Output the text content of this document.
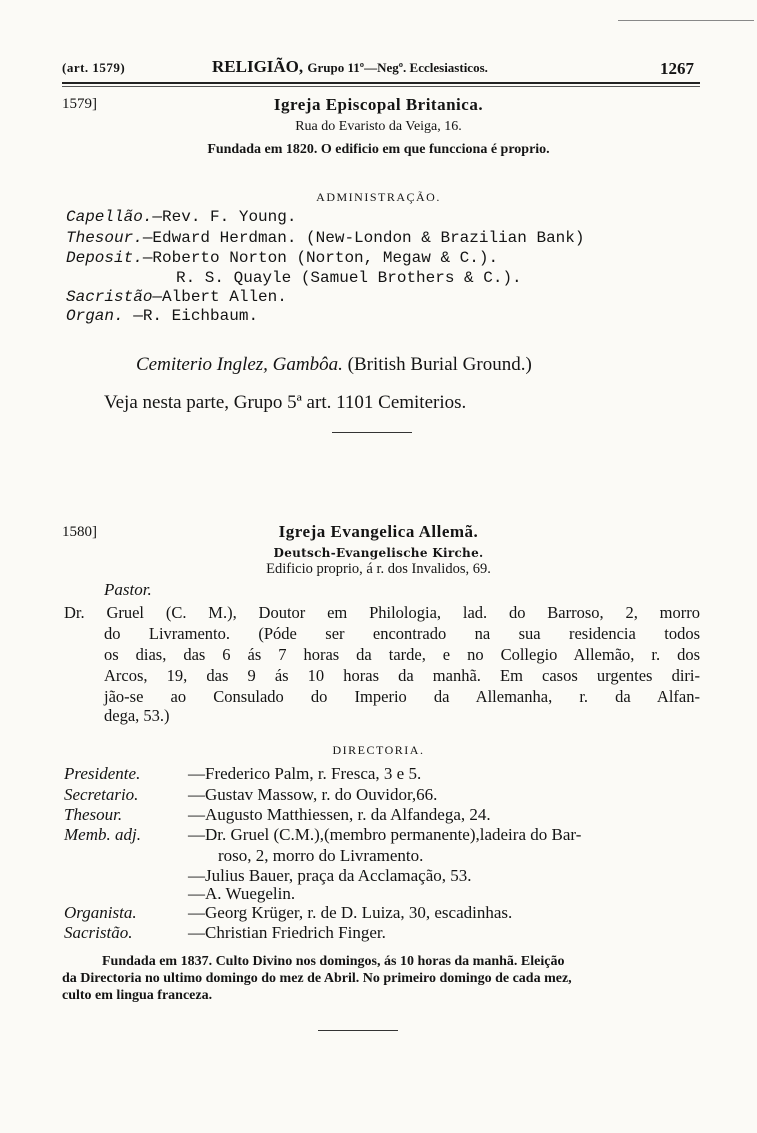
(art. 1579)	RELIGIÃO, Grupo 11º—Negº. Ecclesiasticos.	1267
1579]	Igreja Episcopal Britanica.
Rua do Evaristo da Veiga, 16.
Fundada em 1820. O edificio em que funcciona é proprio.
ADMINISTRAÇÃO.
Capellão.—Rev. F. Young.
Thesour.—Edward Herdman. (New-London & Brazilian Bank)
Deposit.—Roberto Norton (Norton, Megaw & C.).
R. S. Quayle (Samuel Brothers & C.).
Sacristão—Albert Allen.
Organ. —R. Eichbaum.
Cemiterio Inglez, Gambôa. (British Burial Ground.)
Veja nesta parte, Grupo 5ª art. 1101 Cemiterios.
1580]	Igreja Evangelica Allemã.
Deutsch-Evangelische Kirche.
Edificio proprio, á r. dos Invalidos, 69.
Pastor.
Dr. Gruel (C. M.), Doutor em Philologia, lad. do Barroso, 2, morro
do Livramento. (Póde ser encontrado na sua residencia todos
os dias, das 6 ás 7 horas da tarde, e no Collegio Allemão, r. dos
Arcos, 19, das 9 ás 10 horas da manhã. Em casos urgentes diri-
jão-se ao Consulado do Imperio da Allemanha, r. da Alfan-
dega, 53.)
DIRECTORIA.
Presidente.	—Frederico Palm, r. Fresca, 3 e 5.
Secretario.	—Gustav Massow, r. do Ouvidor,66.
Thesour.	—Augusto Matthiessen, r. da Alfandega, 24.
Memb. adj.	—Dr. Gruel (C.M.),(membro permanente),ladeira do Bar-
roso, 2, morro do Livramento.
—Julius Bauer, praça da Acclamação, 53.
—A. Wuegelin.
Organista.	—Georg Krüger, r. de D. Luiza, 30, escadinhas.
Sacristão.	—Christian Friedrich Finger.
Fundada em 1837. Culto Divino nos domingos, ás 10 horas da manhã. Eleição
da Directoria no ultimo domingo do mez de Abril. No primeiro domingo de cada mez,
culto em lingua franceza.
